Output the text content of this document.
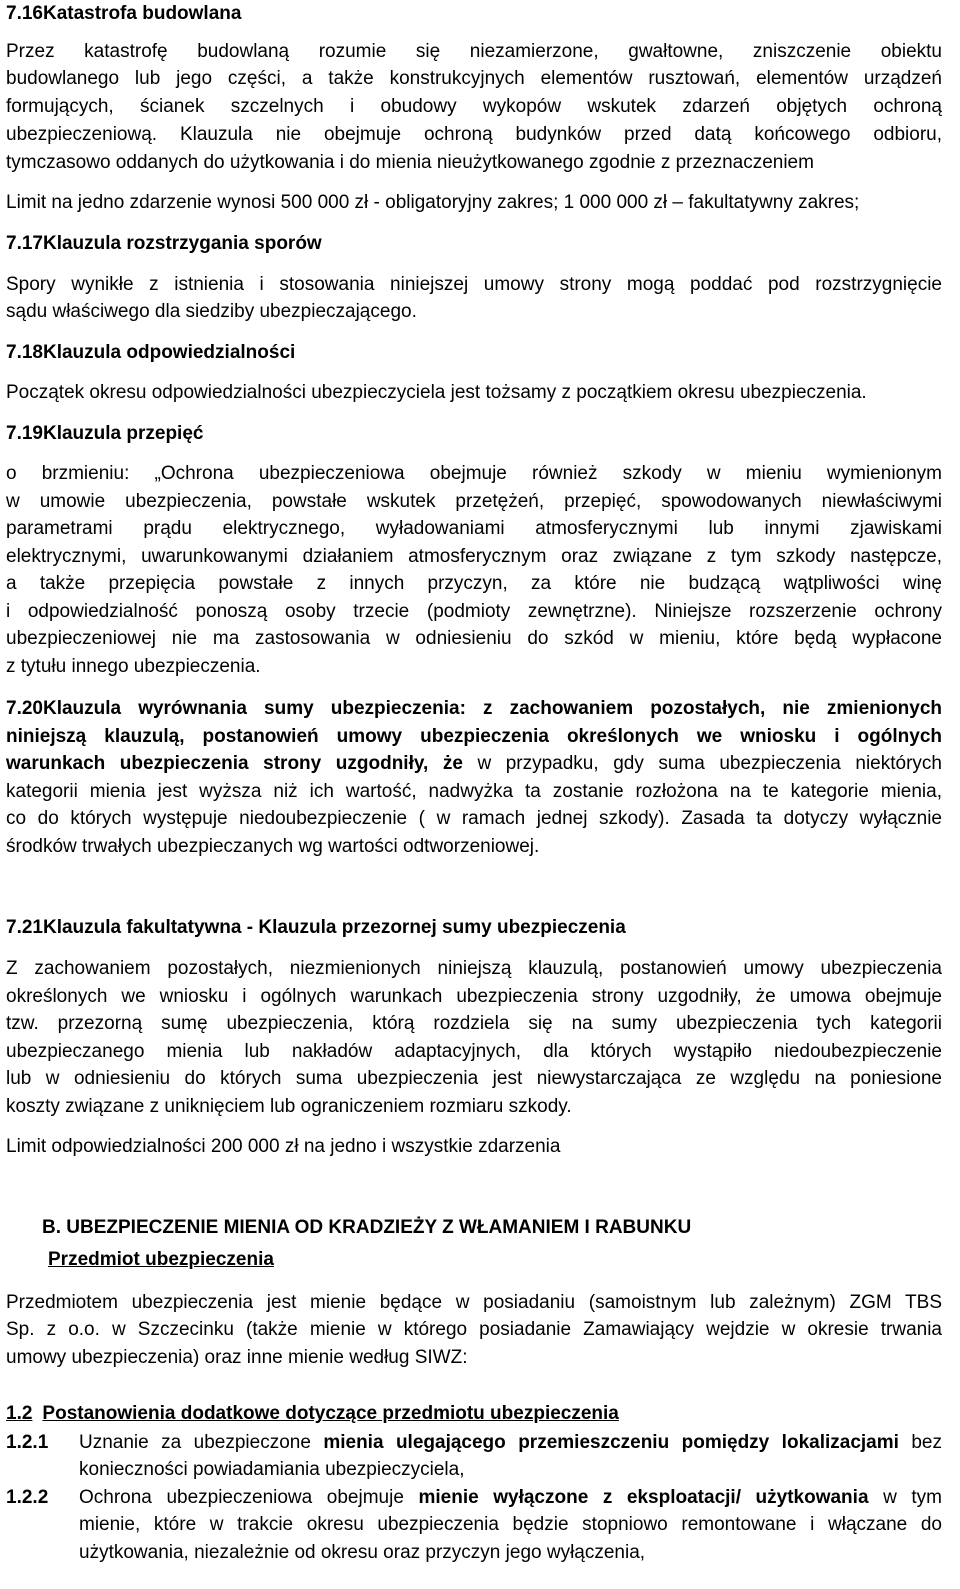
7.16Katastrofa budowlana
Przez katastrofę budowlaną rozumie się niezamierzone, gwałtowne, zniszczenie obiektu
budowlanego lub jego części, a także konstrukcyjnych elementów rusztowań, elementów urządzeń
formujących, ścianek szczelnych i obudowy wykopów wskutek zdarzeń objętych ochroną
ubezpieczeniową. Klauzula nie obejmuje ochroną budynków przed datą końcowego odbioru,
tymczasowo oddanych do użytkowania i do mienia nieużytkowanego zgodnie z przeznaczeniem
Limit na jedno zdarzenie wynosi 500 000 zł - obligatoryjny zakres; 1 000 000 zł – fakultatywny zakres;
7.17Klauzula rozstrzygania sporów
Spory wynikłe z istnienia i stosowania niniejszej umowy strony mogą poddać pod rozstrzygnięcie
sądu właściwego dla siedziby ubezpieczającego.
7.18Klauzula odpowiedzialności
Początek okresu odpowiedzialności ubezpieczyciela jest tożsamy z początkiem okresu ubezpieczenia.
7.19Klauzula przepięć
o brzmieniu: „Ochrona ubezpieczeniowa obejmuje również szkody w mieniu wymienionym
w umowie ubezpieczenia, powstałe wskutek przetężeń, przepięć, spowodowanych niewłaściwymi
parametrami prądu elektrycznego, wyładowaniami atmosferycznymi lub innymi zjawiskami
elektrycznymi, uwarunkowanymi działaniem atmosferycznym oraz związane z tym szkody następcze,
a także przepięcia powstałe z innych przyczyn, za które nie budzącą wątpliwości winę
i odpowiedzialność ponoszą osoby trzecie (podmioty zewnętrzne). Niniejsze rozszerzenie ochrony
ubezpieczeniowej nie ma zastosowania w odniesieniu do szkód w mieniu, które będą wypłacone
z tytułu innego ubezpieczenia.
7.20Klauzula wyrównania sumy ubezpieczenia: z zachowaniem pozostałych, nie zmienionych
niniejszą klauzulą, postanowień umowy ubezpieczenia określonych we wniosku i ogólnych
warunkach ubezpieczenia strony uzgodniły, że w przypadku, gdy suma ubezpieczenia niektórych
kategorii mienia jest wyższa niż ich wartość, nadwyżka ta zostanie rozłożona na te kategorie mienia,
co do których występuje niedoubezpieczenie ( w ramach jednej szkody). Zasada ta dotyczy wyłącznie
środków trwałych ubezpieczanych wg wartości odtworzeniowej.
7.21Klauzula fakultatywna - Klauzula przezornej sumy ubezpieczenia
Z zachowaniem pozostałych, niezmienionych niniejszą klauzulą, postanowień umowy ubezpieczenia
określonych we wniosku i ogólnych warunkach ubezpieczenia strony uzgodniły, że umowa obejmuje
tzw. przezorną sumę ubezpieczenia, którą rozdziela się na sumy ubezpieczenia tych kategorii
ubezpieczanego mienia lub nakładów adaptacyjnych, dla których wystąpiło niedoubezpieczenie
lub w odniesieniu do których suma ubezpieczenia jest niewystarczająca ze względu na poniesione
koszty związane z uniknięciem lub ograniczeniem rozmiaru szkody.
Limit odpowiedzialności 200 000 zł na jedno i wszystkie zdarzenia
B. UBEZPIECZENIE MIENIA OD KRADZIEŻY Z WŁAMANIEM I RABUNKU
Przedmiot ubezpieczenia
Przedmiotem ubezpieczenia jest mienie będące w posiadaniu (samoistnym lub zależnym) ZGM TBS
Sp. z o.o. w Szczecinku (także mienie w którego posiadanie Zamawiający wejdzie w okresie trwania
umowy ubezpieczenia) oraz inne mienie według SIWZ:
1.2 Postanowienia dodatkowe dotyczące przedmiotu ubezpieczenia
1.2.1 Uznanie za ubezpieczone mienia ulegającego przemieszczeniu pomiędzy lokalizacjami bez
konieczności powiadamiania ubezpieczyciela,
1.2.2 Ochrona ubezpieczeniowa obejmuje mienie wyłączone z eksploatacji/ użytkowania w tym
mienie, które w trakcie okresu ubezpieczenia będzie stopniowo remontowane i włączane do
użytkowania, niezależnie od okresu oraz przyczyn jego wyłączenia,
